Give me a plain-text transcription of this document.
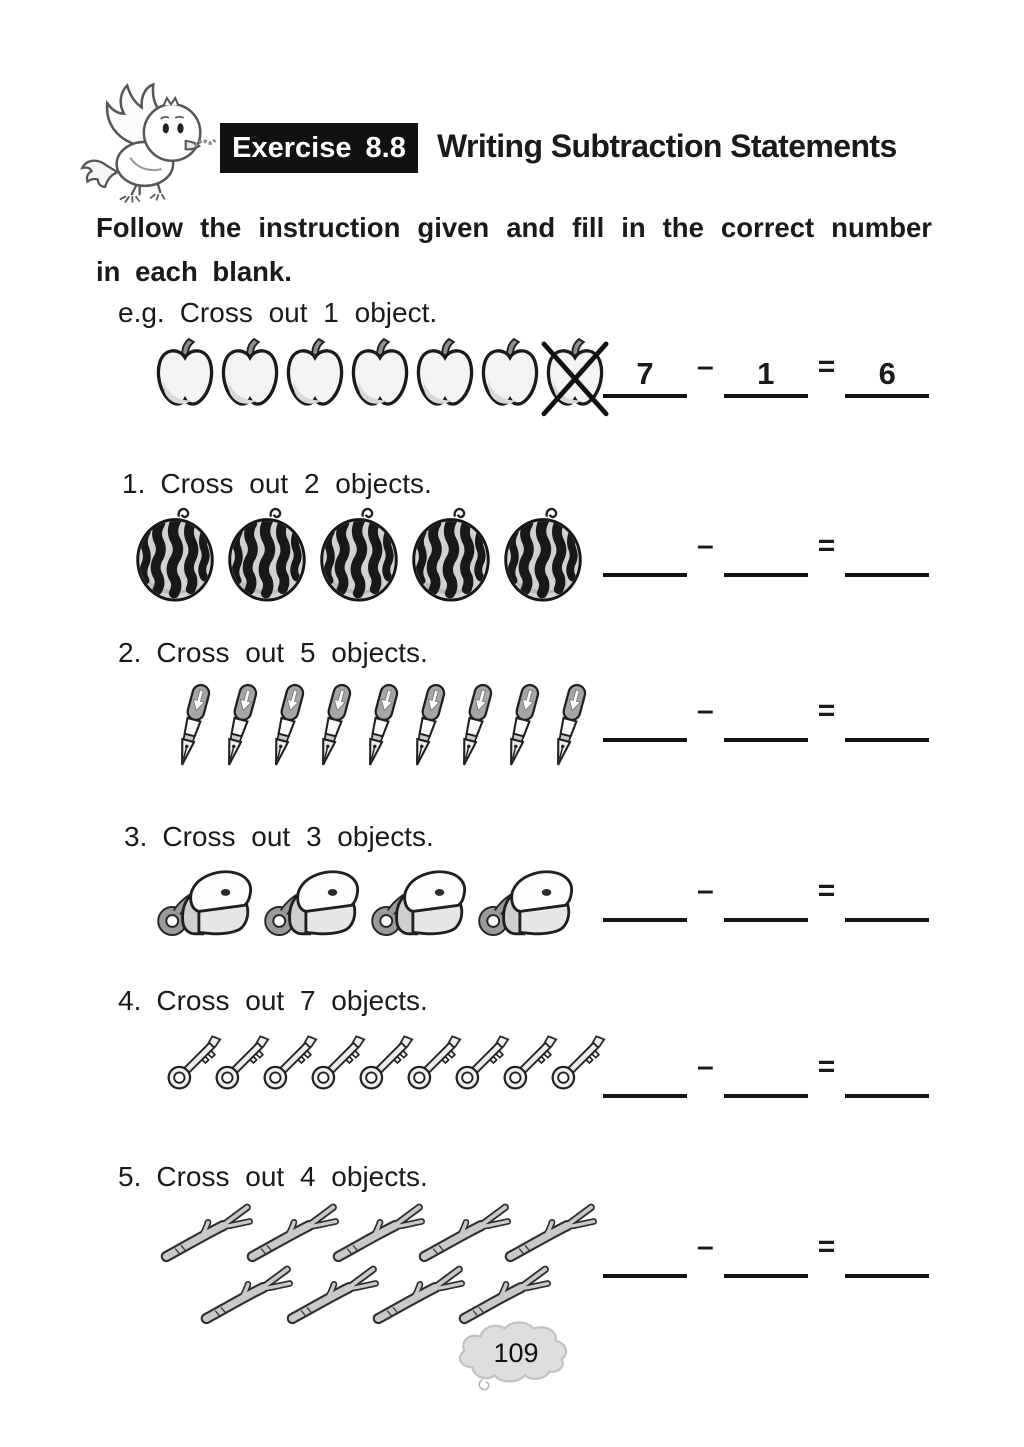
Exercise 8.8 Writing Subtraction Statements

Follow the instruction given and fill in the correct number in each blank.

e.g. Cross out 1 object.
7	–	1	=	6
1. Cross out 2 objects.
–	=
2. Cross out 5 objects.
–	=
3. Cross out 3 objects.
–	=
4. Cross out 7 objects.
–	=
5. Cross out 4 objects.
–	=
109
